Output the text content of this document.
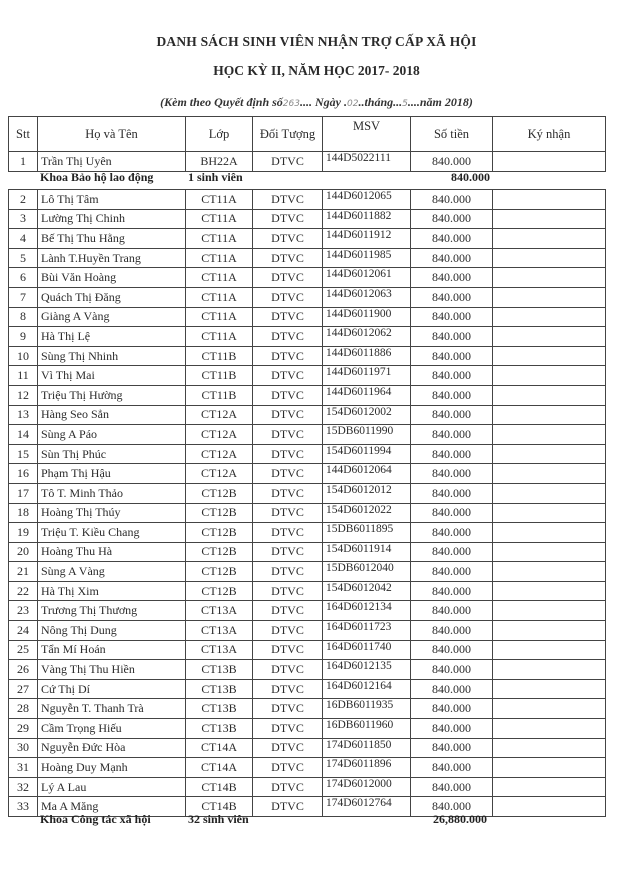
DANH SÁCH SINH VIÊN NHẬN TRỢ CẤP XÃ HỘI
HỌC KỲ II, NĂM HỌC 2017- 2018
(Kèm theo Quyết định số263.... Ngày .02..tháng...5....năm 2018)
Stt	Họ và Tên	Lớp	Đối Tượng	MSV	Số tiền	Ký nhận
1	Trần Thị Uyên	BH22A	DTVC	144D5022111	840.000	
Khoa Bảo hộ lao động	1 sinh viên	840.000
2	Lô Thị Tâm	CT11A	DTVC	144D6012065	840.000	
3	Lường Thị Chinh	CT11A	DTVC	144D6011882	840.000	
4	Bế Thị Thu Hằng	CT11A	DTVC	144D6011912	840.000	
5	Lành T.Huyền Trang	CT11A	DTVC	144D6011985	840.000	
6	Bùi Văn Hoàng	CT11A	DTVC	144D6012061	840.000	
7	Quách Thị Đăng	CT11A	DTVC	144D6012063	840.000	
8	Giàng A Vàng	CT11A	DTVC	144D6011900	840.000	
9	Hà Thị Lệ	CT11A	DTVC	144D6012062	840.000	
10	Sùng Thị Nhinh	CT11B	DTVC	144D6011886	840.000	
11	Vì Thị Mai	CT11B	DTVC	144D6011971	840.000	
12	Triệu Thị Hường	CT11B	DTVC	144D6011964	840.000	
13	Hàng Seo Sẳn	CT12A	DTVC	154D6012002	840.000	
14	Sùng A Páo	CT12A	DTVC	15DB6011990	840.000	
15	Sùn Thị Phúc	CT12A	DTVC	154D6011994	840.000	
16	Phạm Thị Hậu	CT12A	DTVC	144D6012064	840.000	
17	Tô T. Minh Thảo	CT12B	DTVC	154D6012012	840.000	
18	Hoàng Thị Thúy	CT12B	DTVC	154D6012022	840.000	
19	Triệu T. Kiều Chang	CT12B	DTVC	15DB6011895	840.000	
20	Hoàng Thu Hà	CT12B	DTVC	154D6011914	840.000	
21	Sùng A Vàng	CT12B	DTVC	15DB6012040	840.000	
22	Hà Thị Xim	CT12B	DTVC	154D6012042	840.000	
23	Trương Thị Thương	CT13A	DTVC	164D6012134	840.000	
24	Nông Thị Dung	CT13A	DTVC	164D6011723	840.000	
25	Tẩn Mí Hoán	CT13A	DTVC	164D6011740	840.000	
26	Vàng Thị Thu Hiền	CT13B	DTVC	164D6012135	840.000	
27	Cứ Thị Dí	CT13B	DTVC	164D6012164	840.000	
28	Nguyễn T. Thanh Trà	CT13B	DTVC	16DB6011935	840.000	
29	Cầm Trọng Hiếu	CT13B	DTVC	16DB6011960	840.000	
30	Nguyễn Đức Hòa	CT14A	DTVC	174D6011850	840.000	
31	Hoàng Duy Mạnh	CT14A	DTVC	174D6011896	840.000	
32	Lý A Lau	CT14B	DTVC	174D6012000	840.000	
33	Ma A Măng	CT14B	DTVC	174D6012764	840.000	
Khoa Công tác xã hội	32 sinh viên	26,880.000
